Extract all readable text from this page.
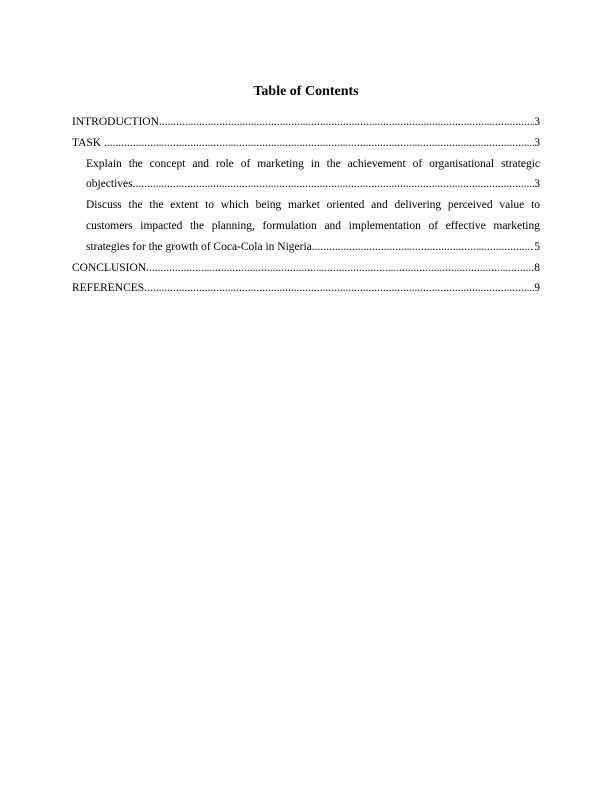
Table of Contents
INTRODUCTION .....	3
TASK .....	3
Explain the concept and role of marketing in the achievement of organisational strategic
objectives .....	3
Discuss the the extent to which being market oriented and delivering perceived value to
customers impacted the planning, formulation and implementation of effective marketing
strategies for the growth of Coca-Cola in Nigeria .....	5
CONCLUSION .....	8
REFERENCES .....	9
